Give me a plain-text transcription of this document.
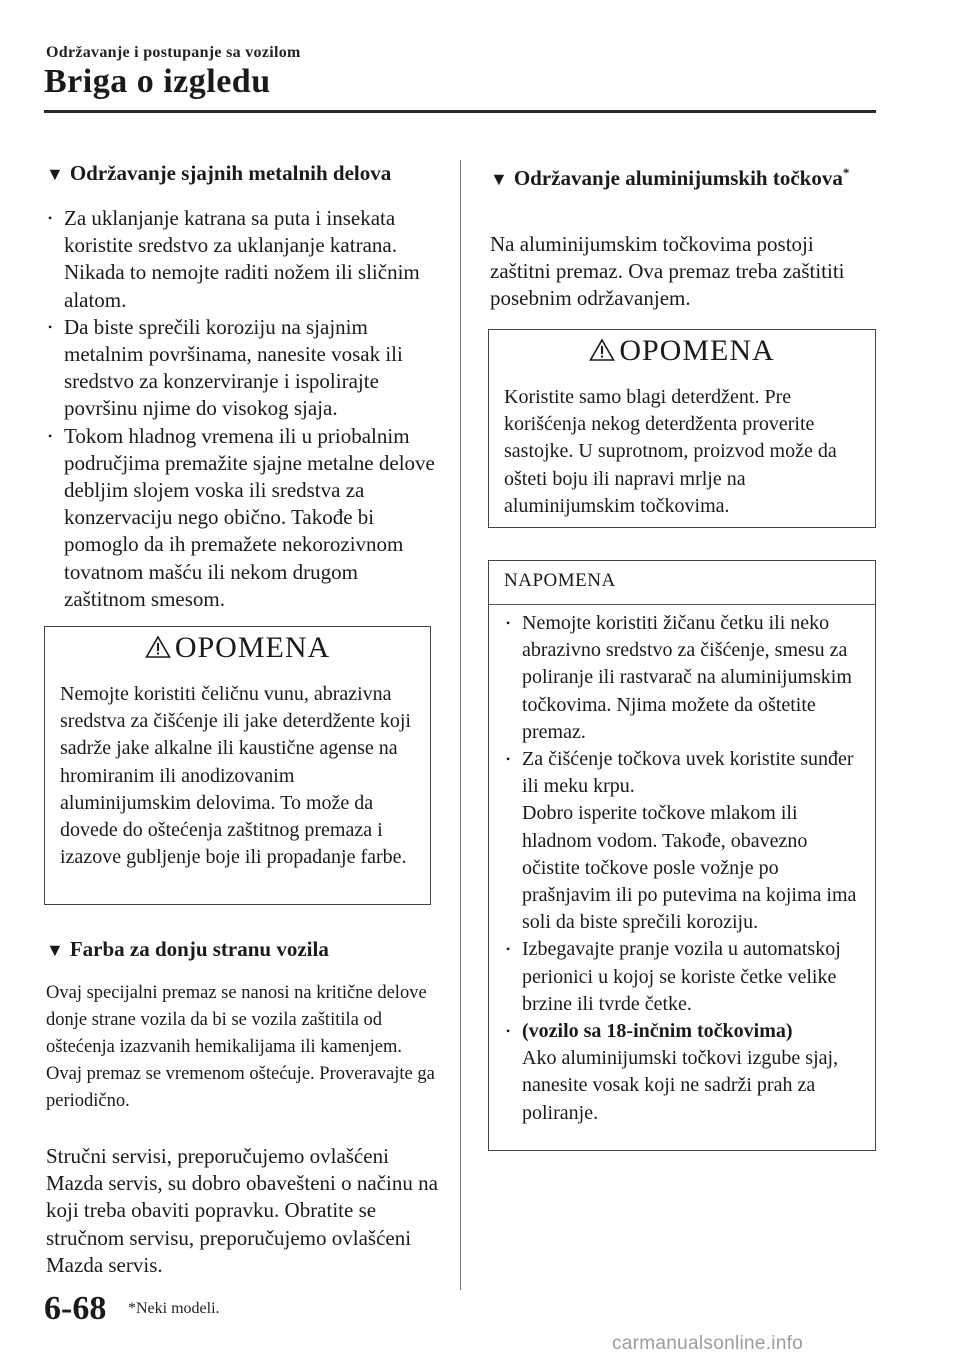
Održavanje i postupanje sa vozilom
Briga o izgledu
▼ Održavanje sjajnih metalnih delova
• Za uklanjanje katrana sa puta i insekata koristite sredstvo za uklanjanje katrana. Nikada to nemojte raditi nožem ili sličnim alatom.
• Da biste sprečili koroziju na sjajnim metalnim površinama, nanesite vosak ili sredstvo za konzerviranje i ispolirajte površinu njime do visokog sjaja.
• Tokom hladnog vremena ili u priobalnim područjima premažite sjajne metalne delove debljim slojem voska ili sredstva za konzervaciju nego obično. Takođe bi pomoglo da ih premažete nekorozivnom tovatnom mašću ili nekom drugom zaštitnom smesom.
OPOMENA
Nemojte koristiti čeličnu vunu, abrazivna sredstva za čišćenje ili jake deterdžente koji sadrže jake alkalne ili kaustične agense na hromiranim ili anodizovanim aluminijumskim delovima. To može da dovede do oštećenja zaštitnog premaza i izazove gubljenje boje ili propadanje farbe.
▼ Farba za donju stranu vozila

Ovaj specijalni premaz se nanosi na kritične delove donje strane vozila da bi se vozila zaštitila od oštećenja izazvanih hemikalijama ili kamenjem. Ovaj premaz se vremenom oštećuje. Proveravajte ga periodično.

Stručni servisi, preporučujemo ovlašćeni Mazda servis, su dobro obavešteni o načinu na koji treba obaviti popravku. Obratite se stručnom servisu, preporučujemo ovlašćeni Mazda servis.

▼ Održavanje aluminijumskih točkova*

Na aluminijumskim točkovima postoji zaštitni premaz. Ova premaz treba zaštititi posebnim održavanjem.

OPOMENA
Koristite samo blagi deterdžent. Pre korišćenja nekog deterdženta proverite sastojke. U suprotnom, proizvod može da ošteti boju ili napravi mrlje na aluminijumskim točkovima.
NAPOMENA
• Nemojte koristiti žičanu četku ili neko abrazivno sredstvo za čišćenje, smesu za poliranje ili rastvarač na aluminijumskim točkovima. Njima možete da oštetite premaz.
• Za čišćenje točkova uvek koristite sunđer ili meku krpu.
Dobro isperite točkove mlakom ili hladnom vodom. Takođe, obavezno očistite točkove posle vožnje po prašnjavim ili po putevima na kojima ima soli da biste sprečili koroziju.
• Izbegavajte pranje vozila u automatskoj perionici u kojoj se koriste četke velike brzine ili tvrde četke.
• (vozilo sa 18-inčnim točkovima)
Ako aluminijumski točkovi izgube sjaj, nanesite vosak koji ne sadrži prah za poliranje.
6-68 *Neki modeli.
carmanualsonline.info
